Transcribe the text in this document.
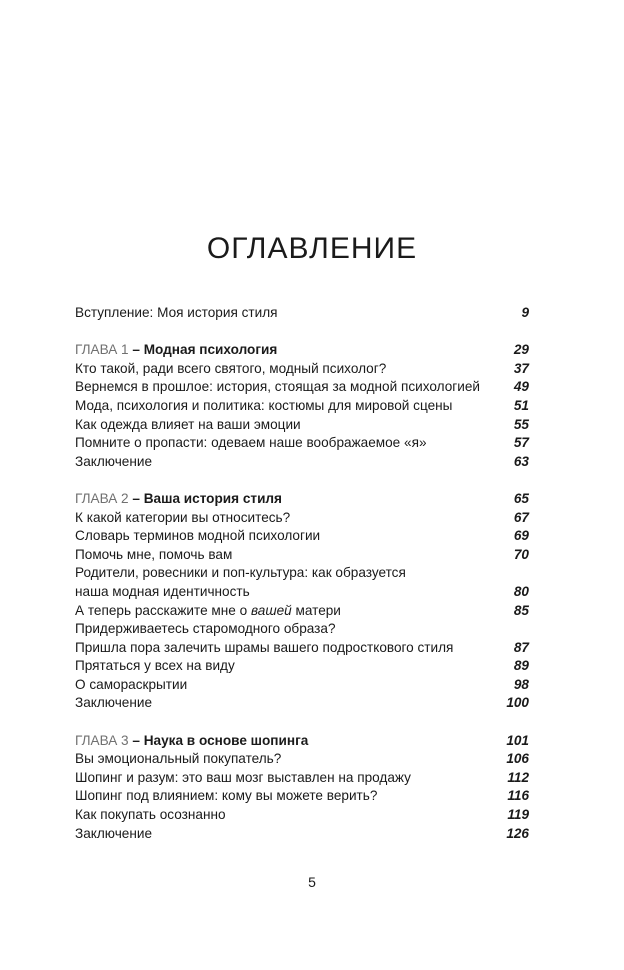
ОГЛАВЛЕНИЕ
Вступление: Моя история стиля	9
ГЛАВА 1 – Модная психология	29
Кто такой, ради всего святого, модный психолог?	37
Вернемся в прошлое: история, стоящая за модной психологией 49
Мода, психология и политика: костюмы для мировой сцены	51
Как одежда влияет на ваши эмоции	55
Помните о пропасти: одеваем наше воображаемое «я»	57
Заключение	63
ГЛАВА 2 – Ваша история стиля	65
К какой категории вы относитесь?	67
Словарь терминов модной психологии	69
Помочь мне, помочь вам	70
Родители, ровесники и поп-культура: как образуется
наша модная идентичность	80
А теперь расскажите мне о вашей матери	85
Придерживаетесь старомодного образа?
Пришла пора залечить шрамы вашего подросткового стиля	87
Прятаться у всех на виду	89
О самораскрытии	98
Заключение	100
ГЛАВА 3 – Наука в основе шопинга	101
Вы эмоциональный покупатель?	106
Шопинг и разум: это ваш мозг выставлен на продажу	112
Шопинг под влиянием: кому вы можете верить?	116
Как покупать осознанно	119
Заключение	126
5
